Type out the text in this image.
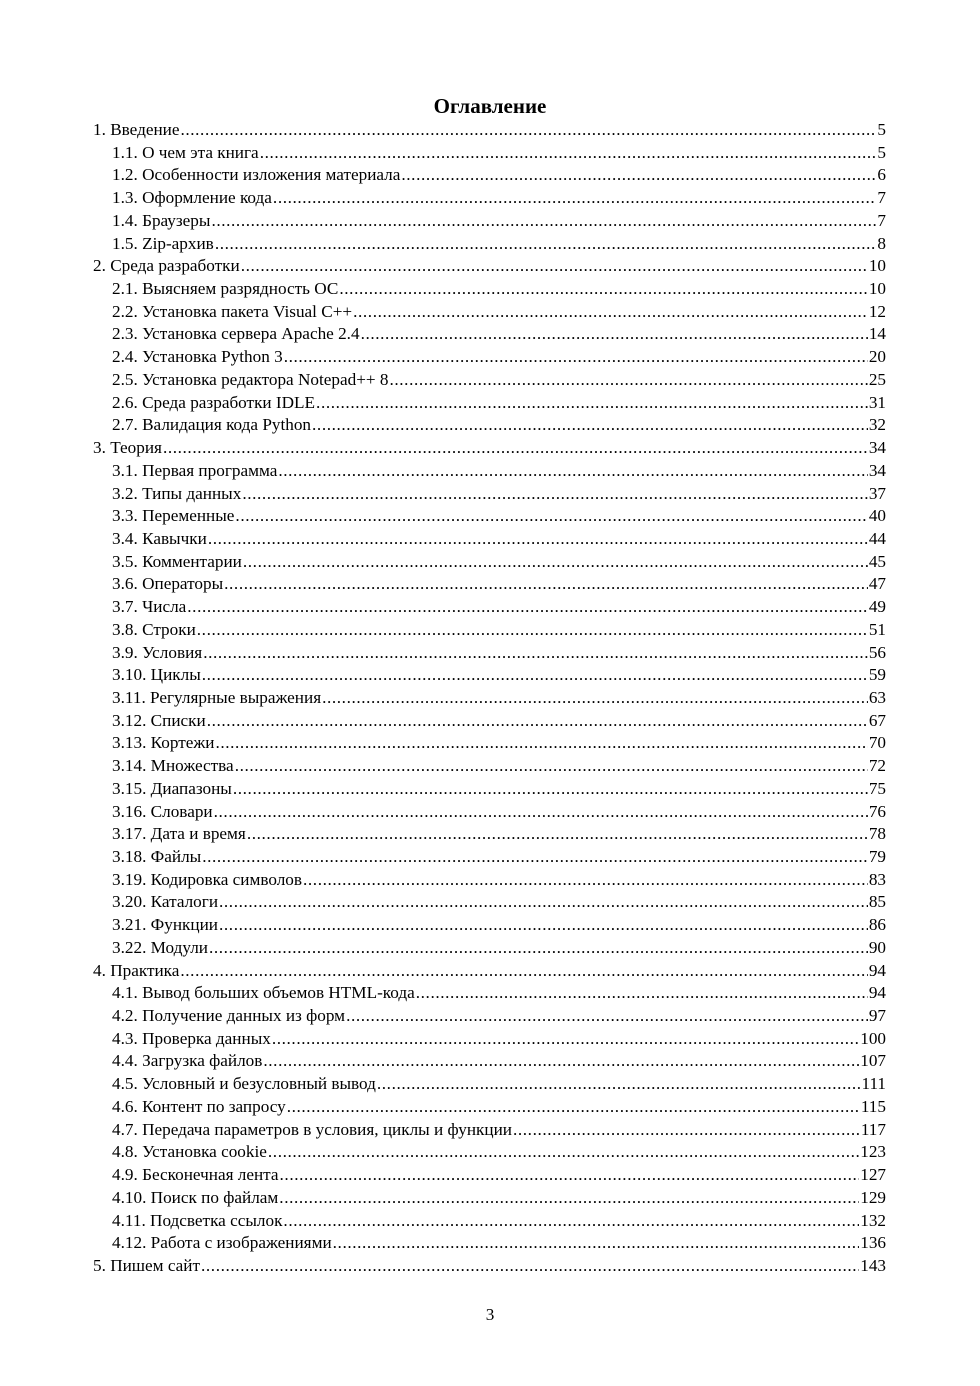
Оглавление
1. Введение .....	5
1.1. О чем эта книга .....	5
1.2. Особенности изложения материала .....	6
1.3. Оформление кода .....	7
1.4. Браузеры .....	7
1.5. Zip-архив .....	8
2. Среда разработки .....	10
2.1. Выясняем разрядность ОС .....	10
2.2. Установка пакета Visual C++ .....	12
2.3. Установка сервера Apache 2.4 .....	14
2.4. Установка Python 3 .....	20
2.5. Установка редактора Notepad++ 8 .....	25
2.6. Среда разработки IDLE .....	31
2.7. Валидация кода Python .....	32
3. Теория .....	34
3.1. Первая программа .....	34
3.2. Типы данных .....	37
3.3. Переменные .....	40
3.4. Кавычки .....	44
3.5. Комментарии .....	45
3.6. Операторы .....	47
3.7. Числа .....	49
3.8. Строки .....	51
3.9. Условия .....	56
3.10. Циклы .....	59
3.11. Регулярные выражения .....	63
3.12. Списки .....	67
3.13. Кортежи .....	70
3.14. Множества .....	72
3.15. Диапазоны .....	75
3.16. Словари .....	76
3.17. Дата и время .....	78
3.18. Файлы .....	79
3.19. Кодировка символов .....	83
3.20. Каталоги .....	85
3.21. Функции .....	86
3.22. Модули .....	90
4. Практика .....	94
4.1. Вывод больших объемов HTML-кода .....	94
4.2. Получение данных из форм .....	97
4.3. Проверка данных .....	100
4.4. Загрузка файлов .....	107
4.5. Условный и безусловный вывод .....	111
4.6. Контент по запросу .....	115
4.7. Передача параметров в условия, циклы и функции .....	117
4.8. Установка cookie .....	123
4.9. Бесконечная лента .....	127
4.10. Поиск по файлам .....	129
4.11. Подсветка ссылок .....	132
4.12. Работа с изображениями .....	136
5. Пишем сайт .....	143
3
